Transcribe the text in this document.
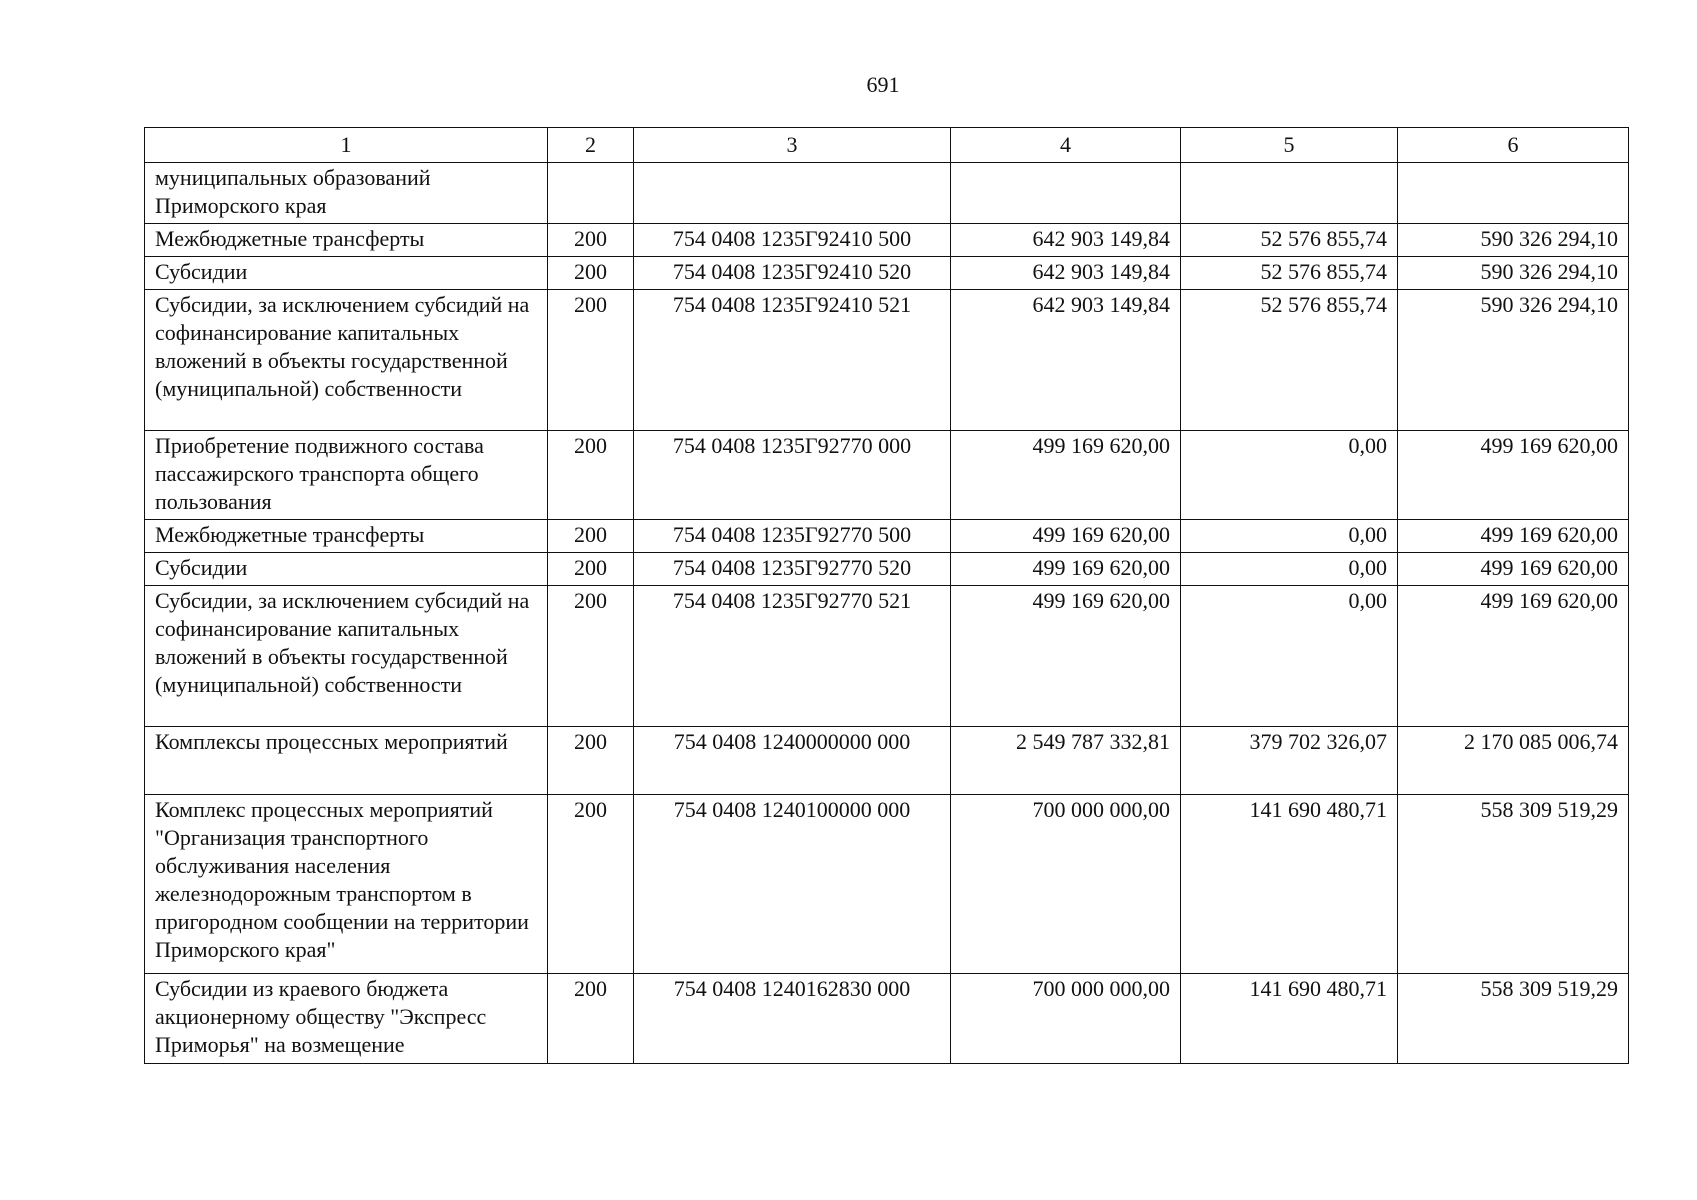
691
1	2	3	4	5	6
муниципальных образований Приморского края					
Межбюджетные трансферты	200	754 0408 1235Г92410 500	642 903 149,84	52 576 855,74	590 326 294,10
Субсидии	200	754 0408 1235Г92410 520	642 903 149,84	52 576 855,74	590 326 294,10
Субсидии, за исключением субсидий на софинансирование капитальных вложений в объекты государственной (муниципальной) собственности	200	754 0408 1235Г92410 521	642 903 149,84	52 576 855,74	590 326 294,10
Приобретение подвижного состава пассажирского транспорта общего пользования	200	754 0408 1235Г92770 000	499 169 620,00	0,00	499 169 620,00
Межбюджетные трансферты	200	754 0408 1235Г92770 500	499 169 620,00	0,00	499 169 620,00
Субсидии	200	754 0408 1235Г92770 520	499 169 620,00	0,00	499 169 620,00
Субсидии, за исключением субсидий на софинансирование капитальных вложений в объекты государственной (муниципальной) собственности	200	754 0408 1235Г92770 521	499 169 620,00	0,00	499 169 620,00
Комплексы процессных мероприятий	200	754 0408 1240000000 000	2 549 787 332,81	379 702 326,07	2 170 085 006,74
Комплекс процессных мероприятий "Организация транспортного обслуживания населения железнодорожным транспортом в пригородном сообщении на территории Приморского края"	200	754 0408 1240100000 000	700 000 000,00	141 690 480,71	558 309 519,29
Субсидии из краевого бюджета акционерному обществу "Экспресс Приморья" на возмещение	200	754 0408 1240162830 000	700 000 000,00	141 690 480,71	558 309 519,29
